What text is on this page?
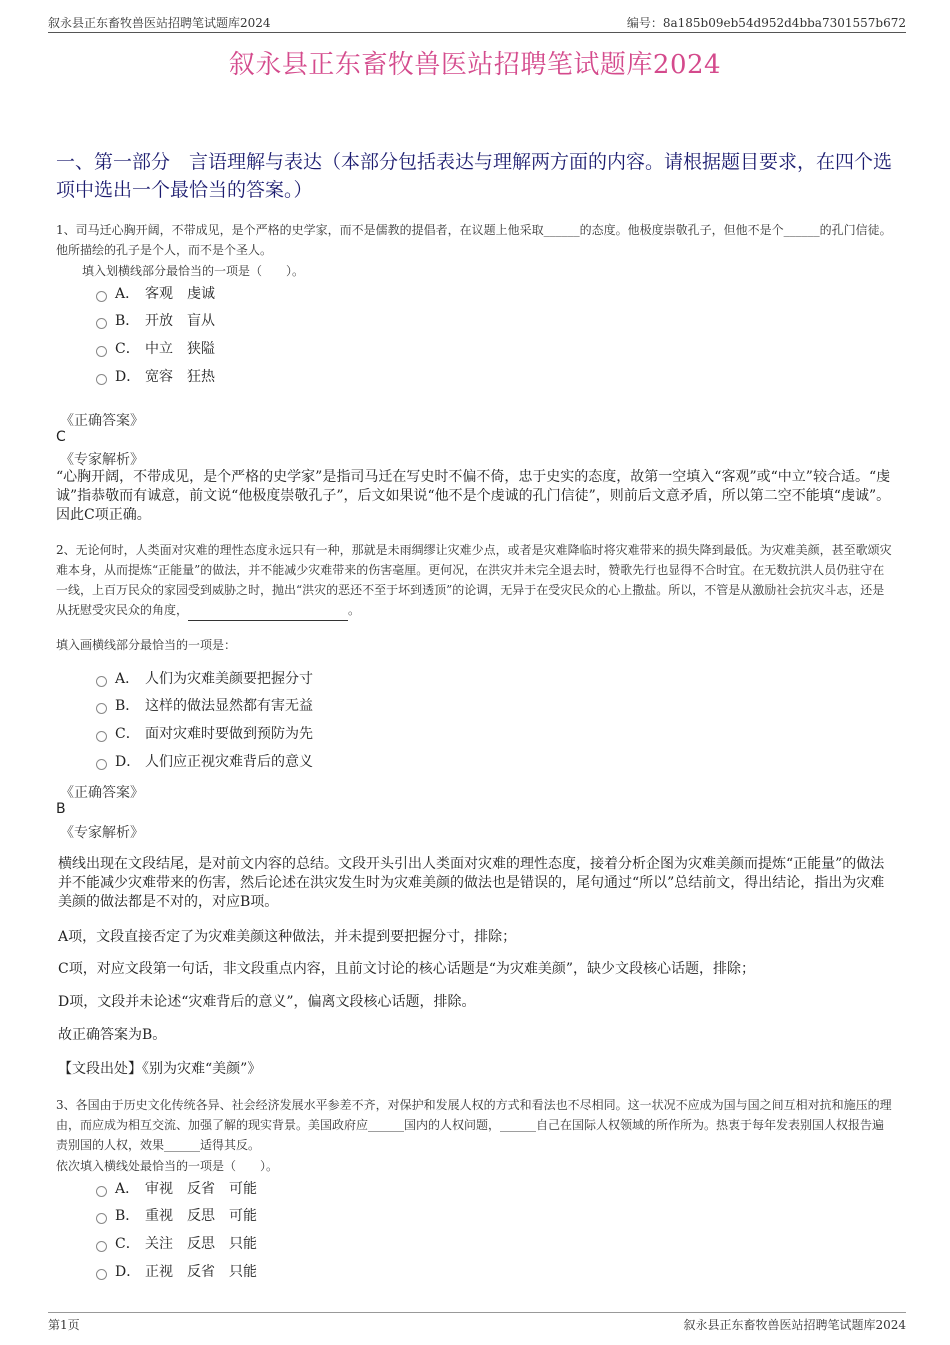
叙永县正东畜牧兽医站招聘笔试题库2024	编号：8a185b09eb54d952d4bba7301557b672
叙永县正东畜牧兽医站招聘笔试题库2024
一、第一部分　言语理解与表达（本部分包括表达与理解两方面的内容。请根据题目要求，在四个选项中选出一个最恰当的答案。）
1、司马迁心胸开阔，不带成见，是个严格的史学家，而不是儒教的提倡者，在议题上他采取______的态度。他极度崇敬孔子，但他不是个______的孔门信徒。他所描绘的孔子是个人，而不是个圣人。
填入划横线部分最恰当的一项是（　　）。
A． 客观　虔诚
B． 开放　盲从
C． 中立　狭隘
D． 宽容　狂热
《正确答案》
C
《专家解析》
“心胸开阔，不带成见，是个严格的史学家”是指司马迁在写史时不偏不倚，忠于史实的态度，故第一空填入“客观”或“中立”较合适。“虔诚”指恭敬而有诚意，前文说“他极度崇敬孔子”，后文如果说“他不是个虔诚的孔门信徒”，则前后文意矛盾，所以第二空不能填“虔诚”。因此C项正确。
2、无论何时，人类面对灾难的理性态度永远只有一种，那就是未雨绸缪让灾难少点，或者是灾难降临时将灾难带来的损失降到最低。为灾难美颜，甚至歌颂灾难本身，从而提炼“正能量”的做法，并不能减少灾难带来的伤害毫厘。更何况，在洪灾并未完全退去时，赞歌先行也显得不合时宜。在无数抗洪人员仍驻守在一线，上百万民众的家园受到威胁之时，抛出“洪灾的恶还不至于坏到透顶”的论调，无异于在受灾民众的心上撒盐。所以，不管是从激励社会抗灾斗志，还是从抚慰受灾民众的角度，	。
填入画横线部分最恰当的一项是：
A． 人们为灾难美颜要把握分寸
B． 这样的做法显然都有害无益
C． 面对灾难时要做到预防为先
D． 人们应正视灾难背后的意义
《正确答案》
B
《专家解析》
横线出现在文段结尾，是对前文内容的总结。文段开头引出人类面对灾难的理性态度，接着分析企图为灾难美颜而提炼“正能量”的做法并不能减少灾难带来的伤害，然后论述在洪灾发生时为灾难美颜的做法也是错误的，尾句通过“所以”总结前文，得出结论，指出为灾难美颜的做法都是不对的，对应B项。
A项，文段直接否定了为灾难美颜这种做法，并未提到要把握分寸，排除；
C项，对应文段第一句话，非文段重点内容，且前文讨论的核心话题是“为灾难美颜”，缺少文段核心话题，排除；
D项，文段并未论述“灾难背后的意义”，偏离文段核心话题，排除。
故正确答案为B。
【文段出处】《别为灾难“美颜”》
3、各国由于历史文化传统各异、社会经济发展水平参差不齐，对保护和发展人权的方式和看法也不尽相同。这一状况不应成为国与国之间互相对抗和施压的理由，而应成为相互交流、加强了解的现实背景。美国政府应______国内的人权问题，______自己在国际人权领域的所作所为。热衷于每年发表别国人权报告遍责别国的人权，效果______适得其反。
依次填入横线处最恰当的一项是（　　）。
A． 审视　反省　可能
B． 重视　反思　可能
C． 关注　反思　只能
D． 正视　反省　只能
第1页	叙永县正东畜牧兽医站招聘笔试题库2024
